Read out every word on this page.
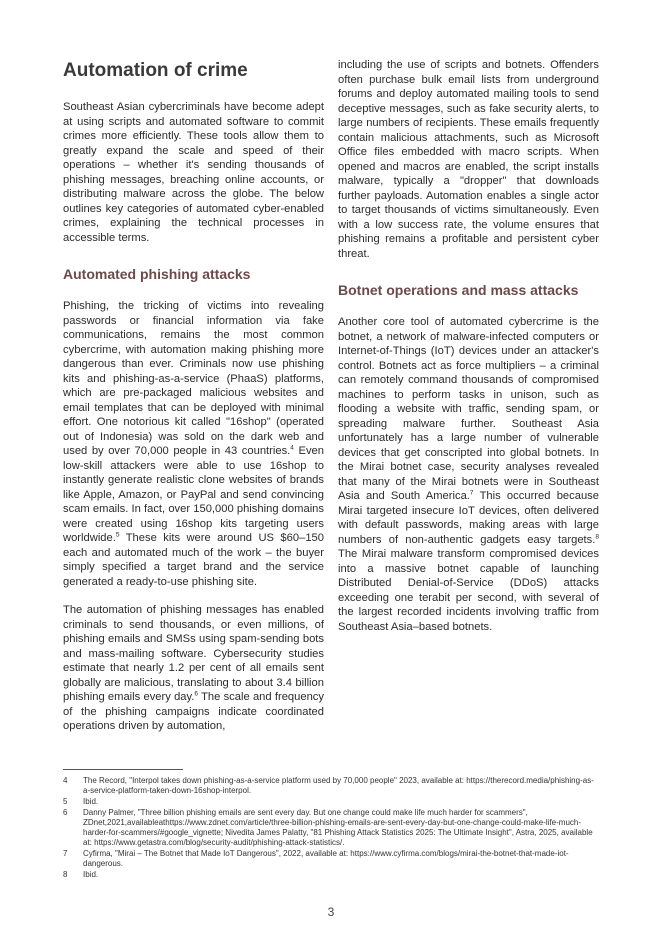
Automation of crime

Southeast Asian cybercriminals have become adept at using scripts and automated software to commit crimes more efficiently. These tools allow them to greatly expand the scale and speed of their operations – whether it's sending thousands of phishing messages, breaching online accounts, or distributing malware across the globe. The below outlines key categories of automated cyber-enabled crimes, explaining the technical processes in accessible terms.

Automated phishing attacks

Phishing, the tricking of victims into revealing passwords or financial information via fake communications, remains the most common cybercrime, with automation making phishing more dangerous than ever. Criminals now use phishing kits and phishing-as-a-service (PhaaS) platforms, which are pre-packaged malicious websites and email templates that can be deployed with minimal effort. One notorious kit called "16shop" (operated out of Indonesia) was sold on the dark web and used by over 70,000 people in 43 countries.$^4$ Even low-skill attackers were able to use 16shop to instantly generate realistic clone websites of brands like Apple, Amazon, or PayPal and send convincing scam emails. In fact, over 150,000 phishing domains were created using 16shop kits targeting users worldwide.$^5$ These kits were around US $60–150 each and automated much of the work – the buyer simply specified a target brand and the service generated a ready-to-use phishing site.

The automation of phishing messages has enabled criminals to send thousands, or even millions, of phishing emails and SMSs using spam-sending bots and mass-mailing software. Cybersecurity studies estimate that nearly 1.2 per cent of all emails sent globally are malicious, translating to about 3.4 billion phishing emails every day.$^6$ The scale and frequency of the phishing campaigns indicate coordinated operations driven by automation,

including the use of scripts and botnets. Offenders often purchase bulk email lists from underground forums and deploy automated mailing tools to send deceptive messages, such as fake security alerts, to large numbers of recipients. These emails frequently contain malicious attachments, such as Microsoft Office files embedded with macro scripts. When opened and macros are enabled, the script installs malware, typically a "dropper" that downloads further payloads. Automation enables a single actor to target thousands of victims simultaneously. Even with a low success rate, the volume ensures that phishing remains a profitable and persistent cyber threat.

Botnet operations and mass attacks

Another core tool of automated cybercrime is the botnet, a network of malware-infected computers or Internet-of-Things (IoT) devices under an attacker's control. Botnets act as force multipliers – a criminal can remotely command thousands of compromised machines to perform tasks in unison, such as flooding a website with traffic, sending spam, or spreading malware further. Southeast Asia unfortunately has a large number of vulnerable devices that get conscripted into global botnets. In the Mirai botnet case, security analyses revealed that many of the Mirai botnets were in Southeast Asia and South America.$^7$ This occurred because Mirai targeted insecure IoT devices, often delivered with default passwords, making areas with large numbers of non-authentic gadgets easy targets.$^8$ The Mirai malware transform compromised devices into a massive botnet capable of launching Distributed Denial-of-Service (DDoS) attacks exceeding one terabit per second, with several of the largest recorded incidents involving traffic from Southeast Asia–based botnets.

4	The Record, "Interpol takes down phishing-as-a-service platform used by 70,000 people" 2023, available at: https://therecord.media/phishing-as-a-service-platform-taken-down-16shop-interpol.
5	Ibid.
6	Danny Palmer, "Three billion phishing emails are sent every day. But one change could make life much harder for scammers", ZDnet,2021,availableathttps://www.zdnet.com/article/three-billion-phishing-emails-are-sent-every-day-but-one-change-could-make-life-much-harder-for-scammers/#google_vignette; Nivedita James Palatty, "81 Phishing Attack Statistics 2025: The Ultimate Insight", Astra, 2025, available at: https://www.getastra.com/blog/security-audit/phishing-attack-statistics/.
7	Cyfirma, "Mirai – The Botnet that Made IoT Dangerous", 2022, available at: https://www.cyfirma.com/blogs/mirai-the-botnet-that-made-iot-dangerous.
8	Ibid.
3
